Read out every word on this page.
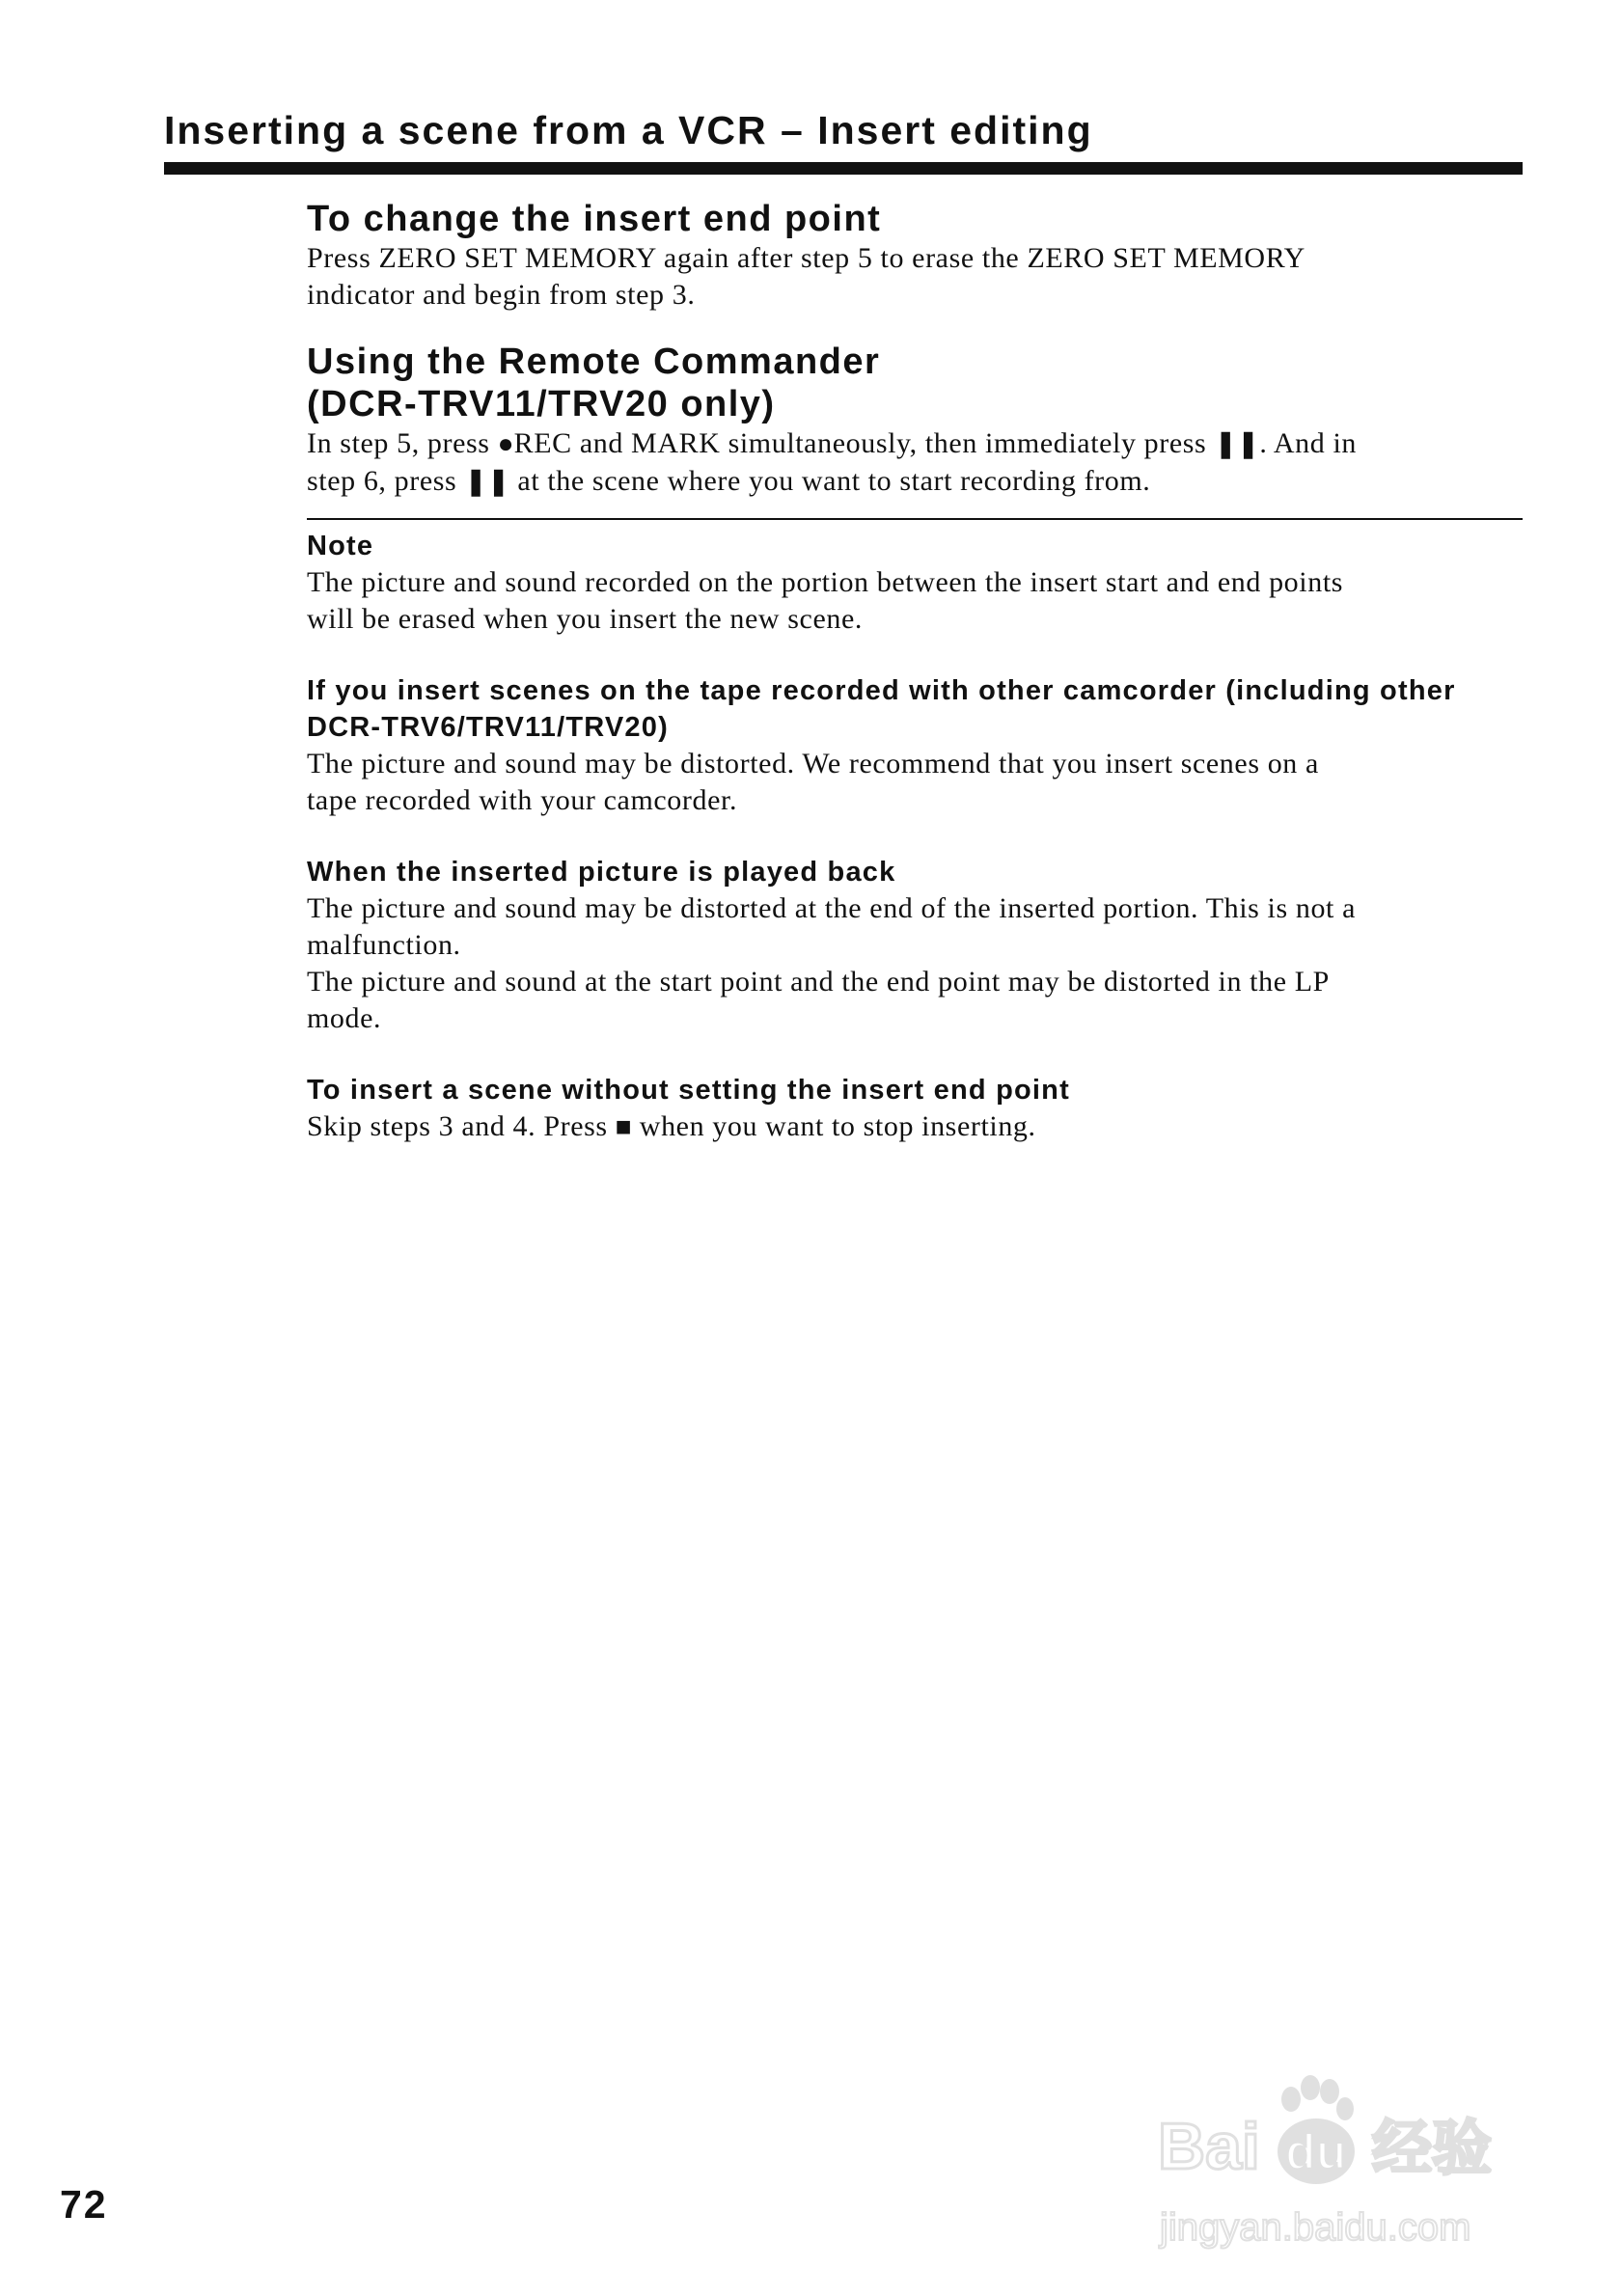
Inserting a scene from a VCR – Insert editing
To change the insert end point

Press ZERO SET MEMORY again after step 5 to erase the ZERO SET MEMORY
indicator and begin from step 3.

Using the Remote Commander
(DCR-TRV11/TRV20 only)

In step 5, press ●REC and MARK simultaneously, then immediately press ❚❚. And in
step 6, press ❚❚ at the scene where you want to start recording from.

Note

The picture and sound recorded on the portion between the insert start and end points
will be erased when you insert the new scene.

If you insert scenes on the tape recorded with other camcorder (including other
DCR-TRV6/TRV11/TRV20)

The picture and sound may be distorted. We recommend that you insert scenes on a
tape recorded with your camcorder.

When the inserted picture is played back

The picture and sound may be distorted at the end of the inserted portion. This is not a
malfunction.
The picture and sound at the start point and the end point may be distorted in the LP
mode.

To insert a scene without setting the insert end point

Skip steps 3 and 4. Press ■ when you want to stop inserting.

72
Bai du 经验
jingyan.baidu.com
